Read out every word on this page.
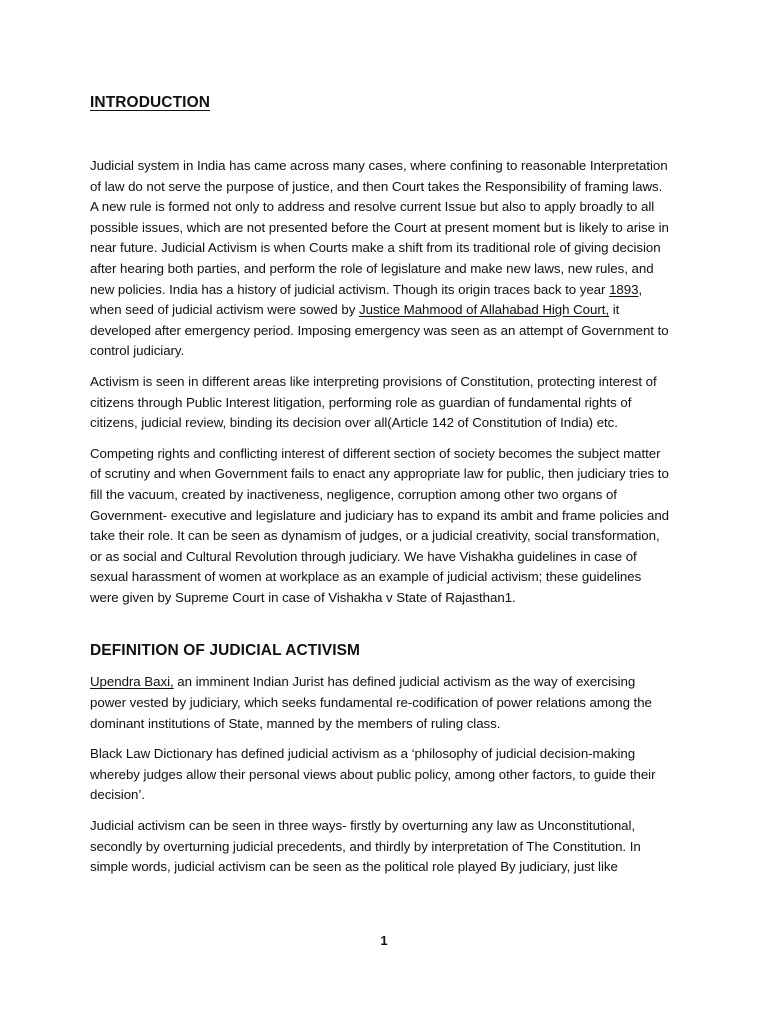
INTRODUCTION

Judicial system in India has came across many cases, where confining to reasonable Interpretation of law do not serve the purpose of justice, and then Court takes the Responsibility of framing laws. A new rule is formed not only to address and resolve current Issue but also to apply broadly to all possible issues, which are not presented before the Court at present moment but is likely to arise in near future. Judicial Activism is when Courts make a shift from its traditional role of giving decision after hearing both parties, and perform the role of legislature and make new laws, new rules, and new policies. India has a history of judicial activism. Though its origin traces back to year 1893, when seed of judicial activism were sowed by Justice Mahmood of Allahabad High Court, it developed after emergency period. Imposing emergency was seen as an attempt of Government to control judiciary.

Activism is seen in different areas like interpreting provisions of Constitution, protecting interest of citizens through Public Interest litigation, performing role as guardian of fundamental rights of citizens, judicial review, binding its decision over all(Article 142 of Constitution of India) etc.

Competing rights and conflicting interest of different section of society becomes the subject matter of scrutiny and when Government fails to enact any appropriate law for public, then judiciary tries to fill the vacuum, created by inactiveness, negligence, corruption among other two organs of Government- executive and legislature and judiciary has to expand its ambit and frame policies and take their role. It can be seen as dynamism of judges, or a judicial creativity, social transformation, or as social and Cultural Revolution through judiciary. We have Vishakha guidelines in case of sexual harassment of women at workplace as an example of judicial activism; these guidelines were given by Supreme Court in case of Vishakha v State of Rajasthan1.

DEFINITION OF JUDICIAL ACTIVISM

Upendra Baxi, an imminent Indian Jurist has defined judicial activism as the way of exercising power vested by judiciary, which seeks fundamental re-codification of power relations among the dominant institutions of State, manned by the members of ruling class.

Black Law Dictionary has defined judicial activism as a ‘philosophy of judicial decision-making whereby judges allow their personal views about public policy, among other factors, to guide their decision’.

Judicial activism can be seen in three ways- firstly by overturning any law as Unconstitutional, secondly by overturning judicial precedents, and thirdly by interpretation of The Constitution. In simple words, judicial activism can be seen as the political role played By judiciary, just like

1
